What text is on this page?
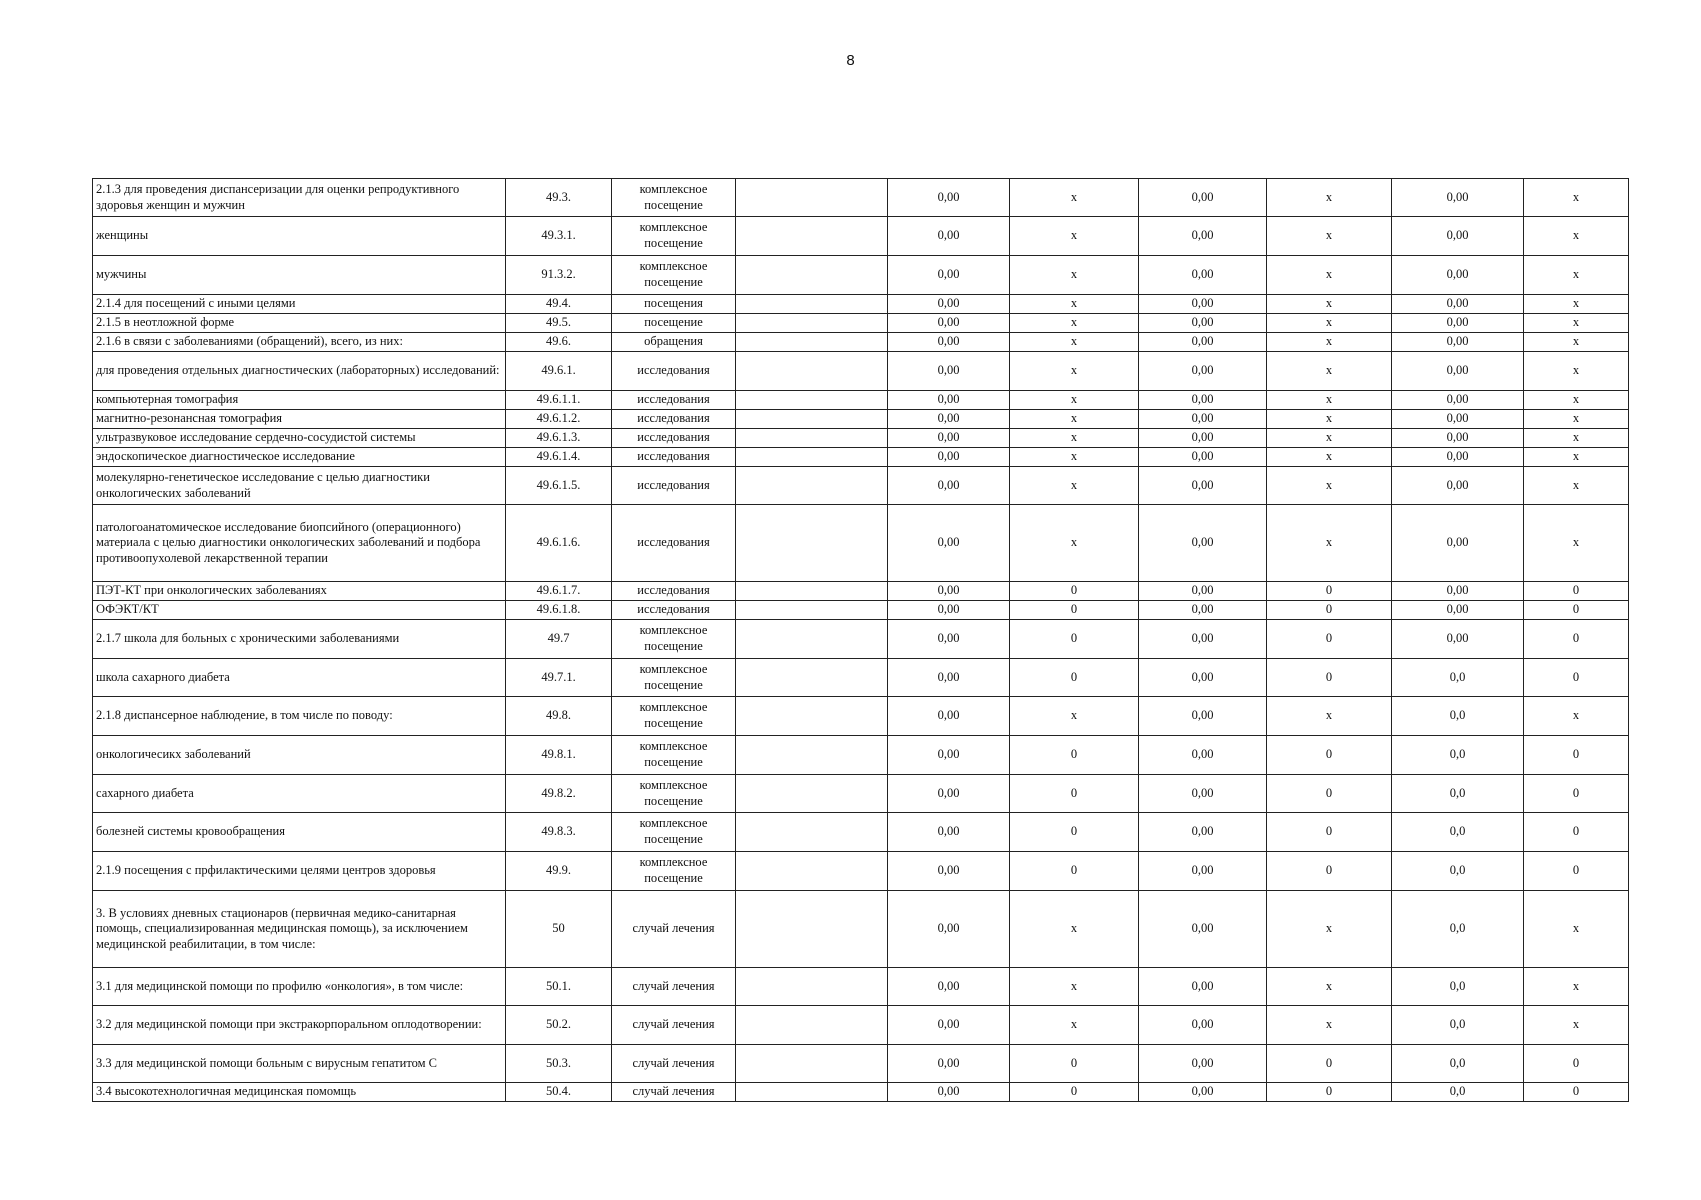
8
2.1.3 для проведения диспансеризации для оценки репродуктивного здоровья женщин и мужчин	49.3.	комплексное посещение		0,00	x	0,00	x	0,00	x
женщины	49.3.1.	комплексное посещение		0,00	x	0,00	x	0,00	x
мужчины	91.3.2.	комплексное посещение		0,00	x	0,00	x	0,00	x
2.1.4 для посещений с иными целями	49.4.	посещения		0,00	x	0,00	x	0,00	x
2.1.5 в неотложной форме	49.5.	посещение		0,00	x	0,00	x	0,00	x
2.1.6 в связи с заболеваниями (обращений), всего, из них:	49.6.	обращения		0,00	x	0,00	x	0,00	x
для проведения отдельных диагностических (лабораторных) исследований:	49.6.1.	исследования		0,00	x	0,00	x	0,00	x
компьютерная томография	49.6.1.1.	исследования		0,00	x	0,00	x	0,00	x
магнитно-резонансная томография	49.6.1.2.	исследования		0,00	x	0,00	x	0,00	x
ультразвуковое исследование сердечно-сосудистой системы	49.6.1.3.	исследования		0,00	x	0,00	x	0,00	x
эндоскопическое диагностическое исследование	49.6.1.4.	исследования		0,00	x	0,00	x	0,00	x
молекулярно-генетическое исследование с целью диагностики онкологических заболеваний	49.6.1.5.	исследования		0,00	x	0,00	x	0,00	x
патологоанатомическое исследование биопсийного (операционного) материала с целью диагностики онкологических заболеваний и подбора противоопухолевой лекарственной терапии	49.6.1.6.	исследования		0,00	x	0,00	x	0,00	x
ПЭТ-КТ при онкологических заболеваниях	49.6.1.7.	исследования		0,00	0	0,00	0	0,00	0
ОФЭКТ/КТ	49.6.1.8.	исследования		0,00	0	0,00	0	0,00	0
2.1.7 школа для больных с хроническими заболеваниями	49.7	комплексное посещение		0,00	0	0,00	0	0,00	0
школа сахарного диабета	49.7.1.	комплексное посещение		0,00	0	0,00	0	0,0	0
2.1.8 диспансерное наблюдение, в том числе по поводу:	49.8.	комплексное посещение		0,00	x	0,00	x	0,0	x
онкологичесикх заболеваний	49.8.1.	комплексное посещение		0,00	0	0,00	0	0,0	0
сахарного диабета	49.8.2.	комплексное посещение		0,00	0	0,00	0	0,0	0
болезней системы кровообращения	49.8.3.	комплексное посещение		0,00	0	0,00	0	0,0	0
2.1.9 посещения с прфилактическими целями центров здоровья	49.9.	комплексное посещение		0,00	0	0,00	0	0,0	0
3. В условиях дневных стационаров (первичная медико-санитарная помощь, специализированная медицинская помощь), за исключением медицинской реабилитации, в том числе:	50	случай лечения		0,00	x	0,00	x	0,0	x
3.1 для медицинской помощи по профилю «онкология», в том числе:	50.1.	случай лечения		0,00	x	0,00	x	0,0	x
3.2 для медицинской помощи при экстракорпоральном оплодотворении:	50.2.	случай лечения		0,00	x	0,00	x	0,0	x
3.3 для медицинской помощи больным с вирусным гепатитом С	50.3.	случай лечения		0,00	0	0,00	0	0,0	0
3.4 высокотехнологичная медицинская помомщь	50.4.	случай лечения		0,00	0	0,00	0	0,0	0
